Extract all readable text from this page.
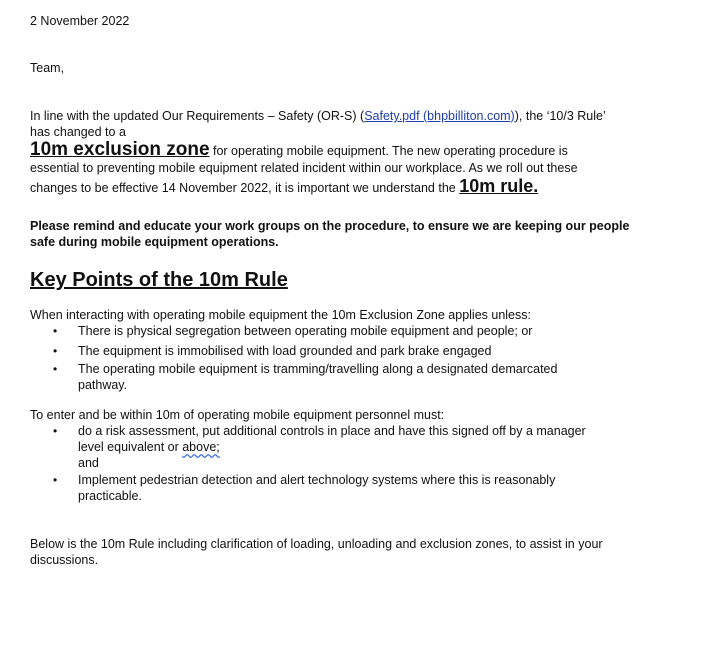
2 November 2022

Team,

In line with the updated Our Requirements – Safety (OR-S) (Safety.pdf (bhpbilliton.com)), the ‘10/3 Rule’ has changed to a
10m exclusion zone for operating mobile equipment. The new operating procedure is essential to preventing mobile equipment related incident within our workplace. As we roll out these changes to be effective 14 November 2022, it is important we understand the 10m rule.

Please remind and educate your work groups on the procedure, to ensure we are keeping our people safe during mobile equipment operations.

Key Points of the 10m Rule

When interacting with operating mobile equipment the 10m Exclusion Zone applies unless:

• There is physical segregation between operating mobile equipment and people; or
• The equipment is immobilised with load grounded and park brake engaged
• The operating mobile equipment is tramming/travelling along a designated demarcated pathway.

To enter and be within 10m of operating mobile equipment personnel must:

• do a risk assessment, put additional controls in place and have this signed off by a manager level equivalent or above;
and
• Implement pedestrian detection and alert technology systems where this is reasonably practicable.

Below is the 10m Rule including clarification of loading, unloading and exclusion zones, to assist in your discussions.
